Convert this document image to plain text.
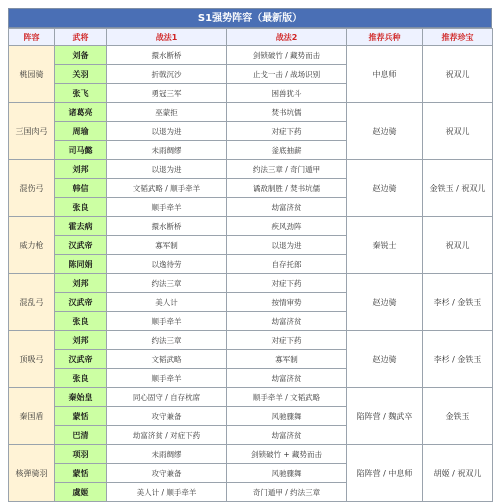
S1强势阵容（最新版）
阵容	武将	战法1	战法2	推荐兵种	推荐珍宝
桃园骑	刘备	擐水断桥	剑锁破竹 / 藏势而击	中息师	祝双儿
	关羽	折戟沉沙	止戈一击 / 战场识别		
	张飞	勇冠三军	困兽犹斗		
三国肉弓	诸葛亮	巫蒙拒	焚书坑儒	赵边骑	祝双儿
	周瑜	以退为进	对症下药		
	司马懿	未雨绸缪	釜底抽薪		
混伤弓	刘邦	以退为进	约法三章 / 奇门遁甲	赵边骑	金铁玉 / 祝双儿
	韩信	文韬武略 / 顺手牵羊	谲敌制胜 / 焚书坑儒		
	张良	顺手牵羊	劫富济贫		
威力枪	霍去病	擐水断桥	疾风劲阵	秦锐士	祝双儿
	汉武帝	寡军制	以退为进		
	陈同娟	以逸待劳	自存托郎		
混乱弓	刘邦	约法三章	对症下药	赵边骑	李杉 / 金铁玉
	汉武帝	美人计	按情审势		
	张良	顺手牵羊	劫富济贫		
顶吸弓	刘邦	约法三章	对症下药	赵边骑	李杉 / 金铁玉
	汉武帝	文韬武略	寡军制		
	张良	顺手牵羊	劫富济贫		
秦国盾	秦始皇	同心固守 / 自存枕席	顺手牵羊 / 文韬武略	陷阵营 / 魏武卒	金铁玉
	蒙恬	攻守兼备	风驰骤舞		
	巴清	劫富济贫 / 对症下药	劫富济贫		
核弹骑羽	项羽	未雨绸缪	剑锁破竹 + 藏势而击	陷阵营 / 中息师	胡姬 / 祝双儿
	蒙恬	攻守兼备	风驰骤舞		
	虞姬	美人计 / 顺手牵羊	奇门遁甲 / 约法三章		
